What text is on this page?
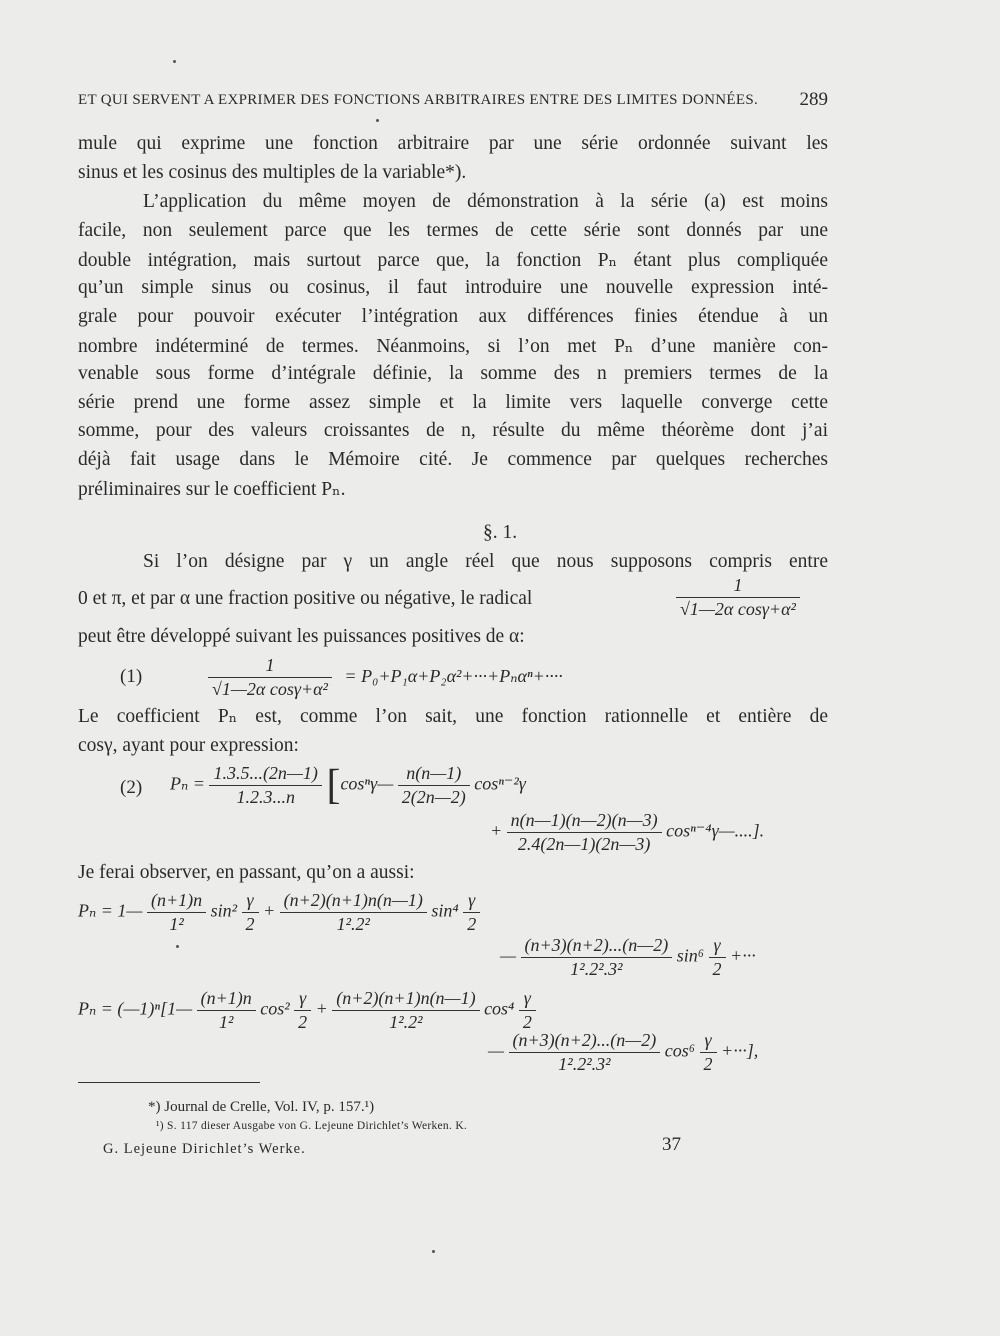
ET QUI SERVENT A EXPRIMER DES FONCTIONS ARBITRAIRES ENTRE DES LIMITES DONNÉES. 289
mule qui exprime une fonction arbitraire par une série ordonnée suivant les
sinus et les cosinus des multiples de la variable*).
L’application du même moyen de démonstration à la série (a) est moins
facile, non seulement parce que les termes de cette série sont donnés par une
double intégration, mais surtout parce que, la fonction Pₙ étant plus compliquée
qu’un simple sinus ou cosinus, il faut introduire une nouvelle expression inté-
grale pour pouvoir exécuter l’intégration aux différences finies étendue à un
nombre indéterminé de termes. Néanmoins, si l’on met Pₙ d’une manière con-
venable sous forme d’intégrale définie, la somme des n premiers termes de la
série prend une forme assez simple et la limite vers laquelle converge cette
somme, pour des valeurs croissantes de n, résulte du même théorème dont j’ai
déjà fait usage dans le Mémoire cité. Je commence par quelques recherches
préliminaires sur le coefficient Pₙ.
§. 1.
Si l’on désigne par γ un angle réel que nous supposons compris entre
0 et π, et par α une fraction positive ou négative, le radical	$\frac{1}{\text{√1—2α cosγ+α²}}$
peut être développé suivant les puissances positives de α:
(1)	$\frac{1}{\text{√1—2α cosγ+α²}} = P_0+P_1\alpha+P_2\alpha^2+\cdot\cdot\cdot+P_n\alpha^n+\cdot\cdot\cdot\cdot$
Le coefficient Pₙ est, comme l’on sait, une fonction rationnelle et entière de
cosγ, ayant pour expression:
(2) $P_n = \frac{1.3.5...(2n—1)}{1.2.3...n}$ [cosⁿγ— $\frac{n(n—1)}{2(2n—2)} \cos^{n-2}\gamma$
+ $\frac{n(n—1)(n—2)(n—3)}{2.4(2n—1)(2n—3)}$ cosⁿ⁻⁴γ—....].
Je ferai observer, en passant, qu’on a aussi:
Pₙ = 1— $\frac{(n+1)n}{\text{1²}} \sin^2 \frac{\gamma}{2} + \frac{(n+2)(n+1)n(n—1)}{\text{1².2²}} \sin^4 \frac{\gamma}{2}$
— $\frac{(n+3)(n+2)...(n—2)}{\text{1².2².3²}} \sin^6 \frac{\gamma}{2}$ +···
Pₙ = (—1)ⁿ[1— $\frac{(n+1)n}{\text{1²}} \cos^2 \frac{\gamma}{2} + \frac{(n+2)(n+1)n(n—1)}{\text{1².2²}} \cos^4 \frac{\gamma}{2}$
— $\frac{(n+3)(n+2)...(n—2)}{\text{1².2².3²}} \cos^6 \frac{\gamma}{2}$ +···],
*) Journal de Crelle, Vol. IV, p. 157.¹)
¹) S. 117 dieser Ausgabe von G. Lejeune Dirichlet’s Werken. K.
G. Lejeune Dirichlet’s Werke.	37
